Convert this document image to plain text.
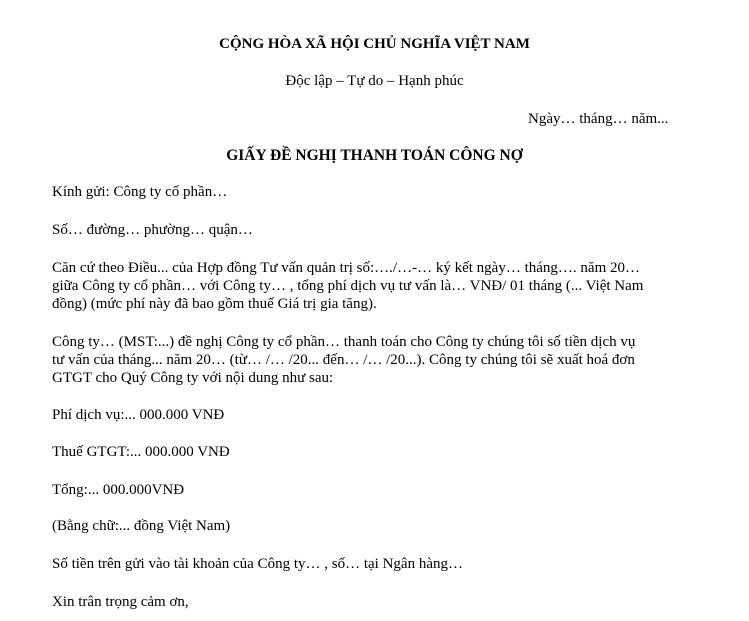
CỘNG HÒA XÃ HỘI CHỦ NGHĨA VIỆT NAM
Độc lập – Tự do – Hạnh phúc
Ngày… tháng… năm...
GIẤY ĐỀ NGHỊ THANH TOÁN CÔNG NỢ
Kính gửi: Công ty cổ phần…
Số… đường… phường… quận…
Căn cứ theo Điều... của Hợp đồng Tư vấn quản trị số:…./…-… ký kết ngày… tháng…. năm 20…
giữa Công ty cổ phần… với Công ty… , tổng phí dịch vụ tư vấn là… VNĐ/ 01 tháng (... Việt Nam
đồng) (mức phí này đã bao gồm thuế Giá trị gia tăng).
Công ty… (MST:...) đề nghị Công ty cổ phần… thanh toán cho Công ty chúng tôi số tiền dịch vụ
tư vấn của tháng... năm 20… (từ… /… /20... đến… /… /20...). Công ty chúng tôi sẽ xuất hoá đơn
GTGT cho Quý Công ty với nội dung như sau:
Phí dịch vụ:... 000.000 VNĐ
Thuế GTGT:... 000.000 VNĐ
Tổng:... 000.000VNĐ
(Bằng chữ:... đồng Việt Nam)
Số tiền trên gửi vào tài khoản của Công ty… , số… tại Ngân hàng…
Xin trân trọng cảm ơn,
